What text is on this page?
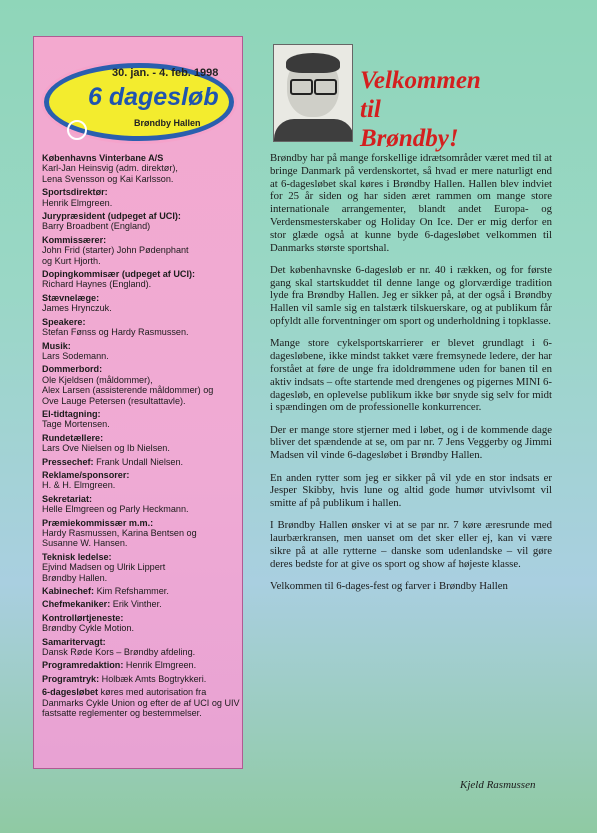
30. jan. - 4. feb. 1998
6 dagesløb
Brøndby Hallen
Københavns Vinterbane A/S
Karl-Jan Heinsvig (adm. direktør),
Lena Svensson og Kai Karlsson.
Sportsdirektør:
Henrik Elmgreen.
Jurypræsident (udpeget af UCI):
Barry Broadbent (England)
Kommissærer:
John Frid (starter) John Pødenphant
og Kurt Hjorth.
Dopingkommisær (udpeget af UCI):
Richard Haynes (England).
Stævnelæge:
James Hrynczuk.
Speakere:
Stefan Fønss og Hardy Rasmussen.
Musik:
Lars Sodemann.
Dommerbord:
Ole Kjeldsen (måldommer),
Alex Larsen (assisterende måldommer) og
Ove Lauge Petersen (resultattavle).
El-tidtagning:
Tage Mortensen.
Rundetællere:
Lars Ove Nielsen og Ib Nielsen.
Pressechef: Frank Undall Nielsen.
Reklame/sponsorer:
H. & H. Elmgreen.
Sekretariat:
Helle Elmgreen og Parly Heckmann.
Præmiekommissær m.m.:
Hardy Rasmussen, Karina Bentsen og
Susanne W. Hansen.
Teknisk ledelse:
Ejvind Madsen og Ulrik Lippert
Brøndby Hallen.
Kabinechef: Kim Refshammer.
Chefmekaniker: Erik Vinther.
Kontrollørtjeneste:
Brøndby Cykle Motion.
Samaritervagt:
Dansk Røde Kors – Brøndby afdeling.
Programredaktion: Henrik Elmgreen.
Programtryk: Holbæk Amts Bogtrykkeri.
6-dagesløbet køres med autorisation fra Danmarks Cykle Union og efter de af UCI og UIV fastsatte reglementer og bestemmelser.
Velkommen
til
Brøndby!

Brøndby har på mange forskellige idrætsområder været med til at bringe Danmark på verdenskortet, så hvad er mere naturligt end at 6-dagesløbet skal køres i Brøndby Hallen. Hallen blev indviet for 25 år siden og har siden æret rammen om mange store internationale arrangementer, blandt andet Europa- og Verdensmesterskaber og Holiday On Ice. Der er mig derfor en stor glæde også at kunne byde 6-dagesløbet velkommen til Danmarks største sportshal.

Det københavnske 6-dagesløb er nr. 40 i rækken, og for første gang skal startskuddet til denne lange og glorværdige tradition lyde fra Brøndby Hallen. Jeg er sikker på, at der også i Brøndby Hallen vil samle sig en talstærk tilskuerskare, og at publikum får opfyldt alle forventninger om sport og underholdning i topklasse.

Mange store cykelsportskarrierer er blevet grundlagt i 6-dagesløbene, ikke mindst takket være fremsynede ledere, der har forstået at føre de unge fra idoldrømmene uden for banen til en aktiv indsats – ofte startende med drengenes og pigernes MINI 6-dagesløb, en oplevelse publikum ikke bør snyde sig selv for midt i spændingen om de professionelle konkurrencer.

Der er mange store stjerner med i løbet, og i de kommende dage bliver det spændende at se, om par nr. 7 Jens Veggerby og Jimmi Madsen vil vinde 6-dagesløbet i Brøndby Hallen.

En anden rytter som jeg er sikker på vil yde en stor indsats er Jesper Skibby, hvis lune og altid gode humør utvivlsomt vil smitte af på publikum i hallen.

I Brøndby Hallen ønsker vi at se par nr. 7 køre æresrunde med laurbærkransen, men uanset om det sker eller ej, kan vi være sikre på at alle rytterne – danske som udenlandske – vil gøre deres bedste for at give os sport og show af højeste klasse.

Velkommen til 6-dages-fest og farver i Brøndby Hallen

Kjeld Rasmussen
